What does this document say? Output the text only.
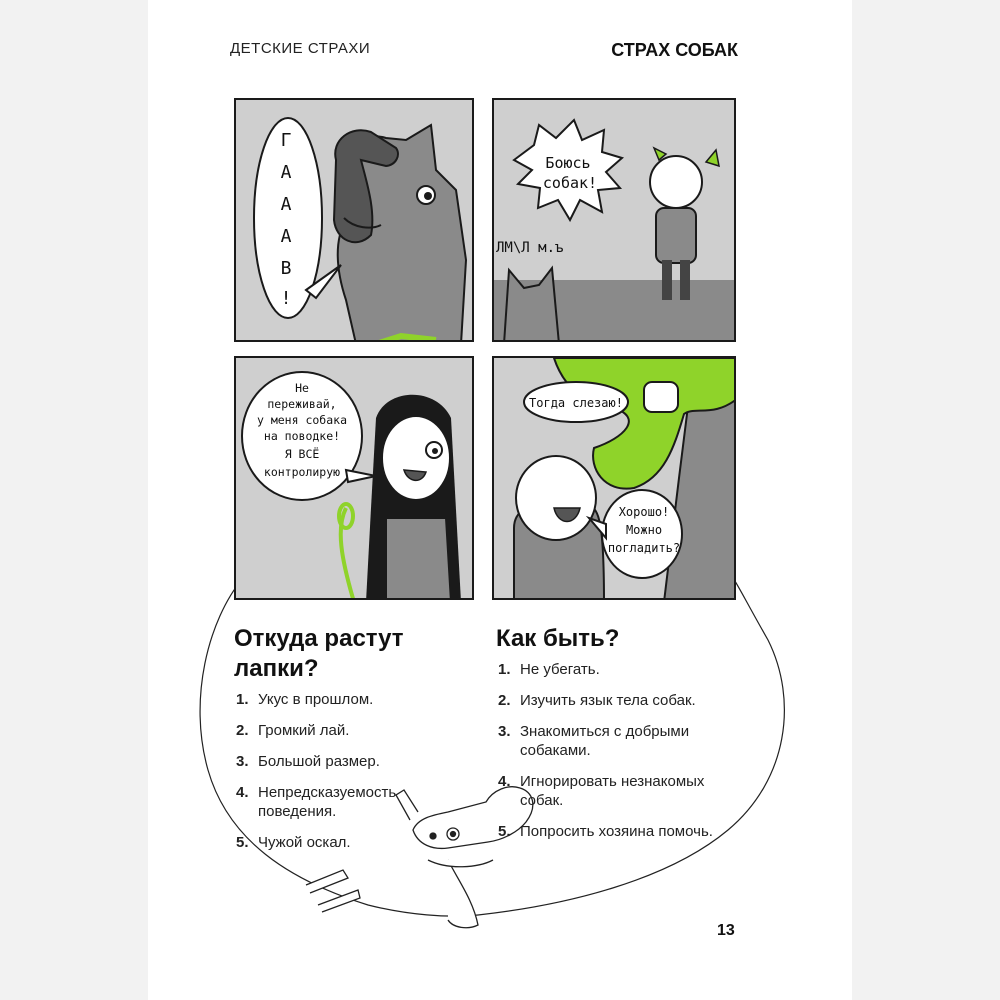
ДЕТСКИЕ СТРАХИ	СТРАХ СОБАК
Г
А
А
А
В
!
Боюсь
собак!
ЛМ\Л м.ъ
Не
переживай,
у меня собака
на поводке!
Я ВСЁ
контролирую
Тогда слезаю!
Хорошо!
Можно
погладить?
Откуда растут
лапки?
1. Укус в прошлом.
2. Громкий лай.
3. Большой размер.
4. Непредсказуемость поведения.
5. Чужой оскал.
Как быть?
1. Не убегать.
2. Изучить язык тела собак.
3. Знакомиться с добрыми собаками.
4. Игнорировать незнакомых собак.
5. Попросить хозяина помочь.
13
